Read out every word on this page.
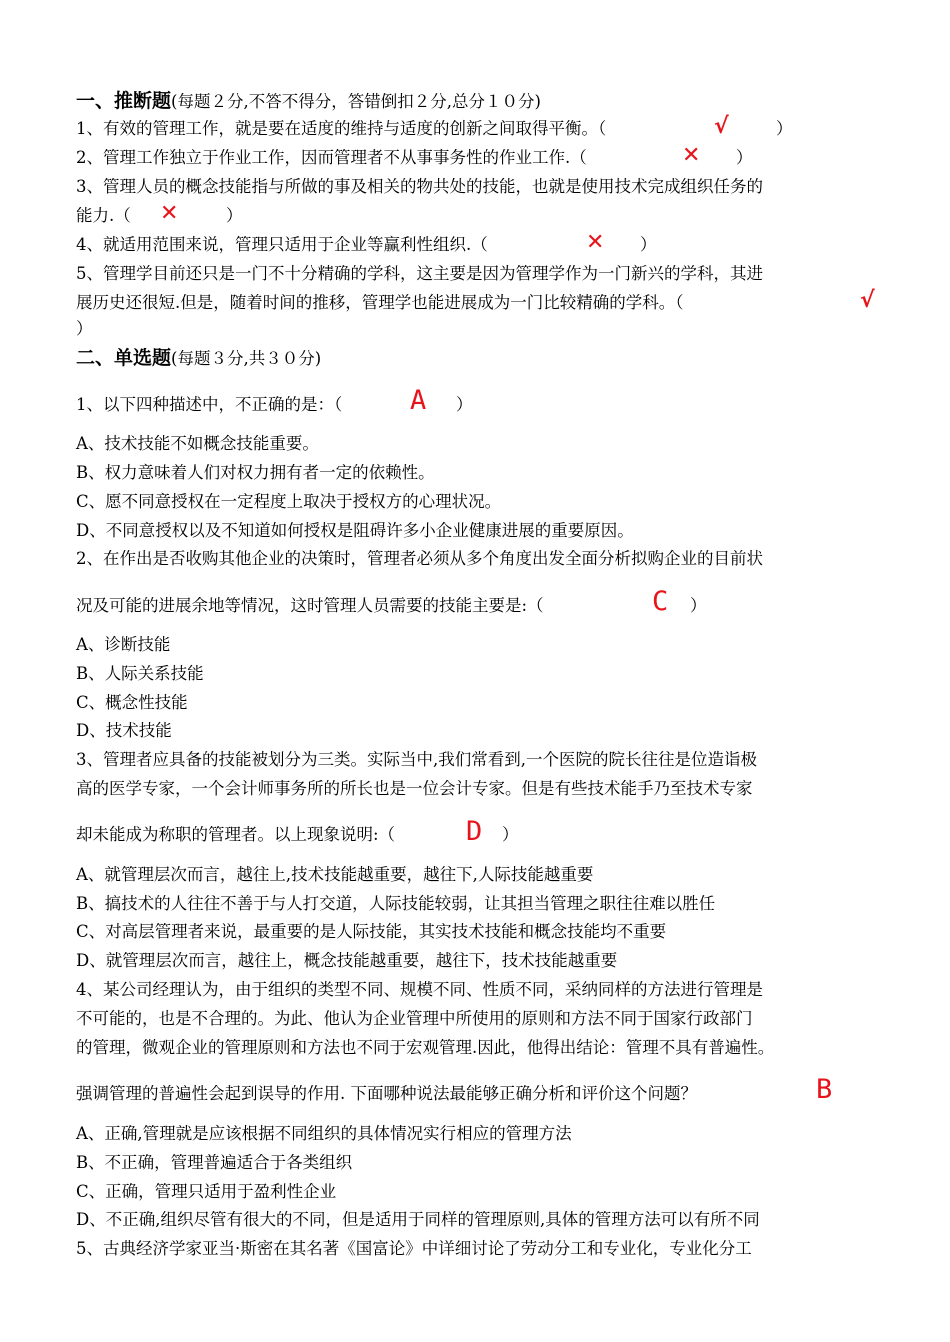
一、推断题(每题２分,不答不得分，答错倒扣２分,总分１０分)
1、有效的管理工作，就是要在适度的维持与适度的创新之间取得平衡。（	√	）
2、管理工作独立于作业工作，因而管理者不从事事务性的作业工作.（	✕ ）
3、管理人员的概念技能指与所做的事及相关的物共处的技能，也就是使用技术完成组织任务的
能力.（ ✕	）
4、就适用范围来说，管理只适用于企业等赢利性组织.（	✕ ）
5、管理学目前还只是一门不十分精确的学科，这主要是因为管理学作为一门新兴的学科，其进
展历史还很短.但是，随着时间的推移，管理学也能进展成为一门比较精确的学科。（	√
）
二、单选题(每题３分,共３０分)
1、以下四种描述中，不正确的是：（	A ）
A、技术技能不如概念技能重要。
B、权力意味着人们对权力拥有者一定的依赖性。
C、愿不同意授权在一定程度上取决于授权方的心理状况。
D、不同意授权以及不知道如何授权是阻碍许多小企业健康进展的重要原因。
2、在作出是否收购其他企业的决策时，管理者必须从多个角度出发全面分析拟购企业的目前状
况及可能的进展余地等情况，这时管理人员需要的技能主要是:（	C ）
A、诊断技能
B、人际关系技能
C、概念性技能
D、技术技能
3、管理者应具备的技能被划分为三类。实际当中,我们常看到,一个医院的院长往往是位造诣极
高的医学专家，一个会计师事务所的所长也是一位会计专家。但是有些技术能手乃至技术专家
却未能成为称职的管理者。以上现象说明:（	D ）
A、就管理层次而言，越往上,技术技能越重要，越往下,人际技能越重要
B、搞技术的人往往不善于与人打交道，人际技能较弱，让其担当管理之职往往难以胜任
C、对高层管理者来说，最重要的是人际技能，其实技术技能和概念技能均不重要
D、就管理层次而言，越往上，概念技能越重要，越往下，技术技能越重要
4、某公司经理认为，由于组织的类型不同、规模不同、性质不同，采纳同样的方法进行管理是
不可能的，也是不合理的。为此、他认为企业管理中所使用的原则和方法不同于国家行政部门
的管理，微观企业的管理原则和方法也不同于宏观管理.因此，他得出结论：管理不具有普遍性。
强调管理的普遍性会起到误导的作用. 下面哪种说法最能够正确分析和评价这个问题？	B
A、正确,管理就是应该根据不同组织的具体情况实行相应的管理方法
B、不正确，管理普遍适合于各类组织
C、正确，管理只适用于盈利性企业
D、不正确,组织尽管有很大的不同，但是适用于同样的管理原则,具体的管理方法可以有所不同
5、古典经济学家亚当·斯密在其名著《国富论》中详细讨论了劳动分工和专业化，专业化分工
